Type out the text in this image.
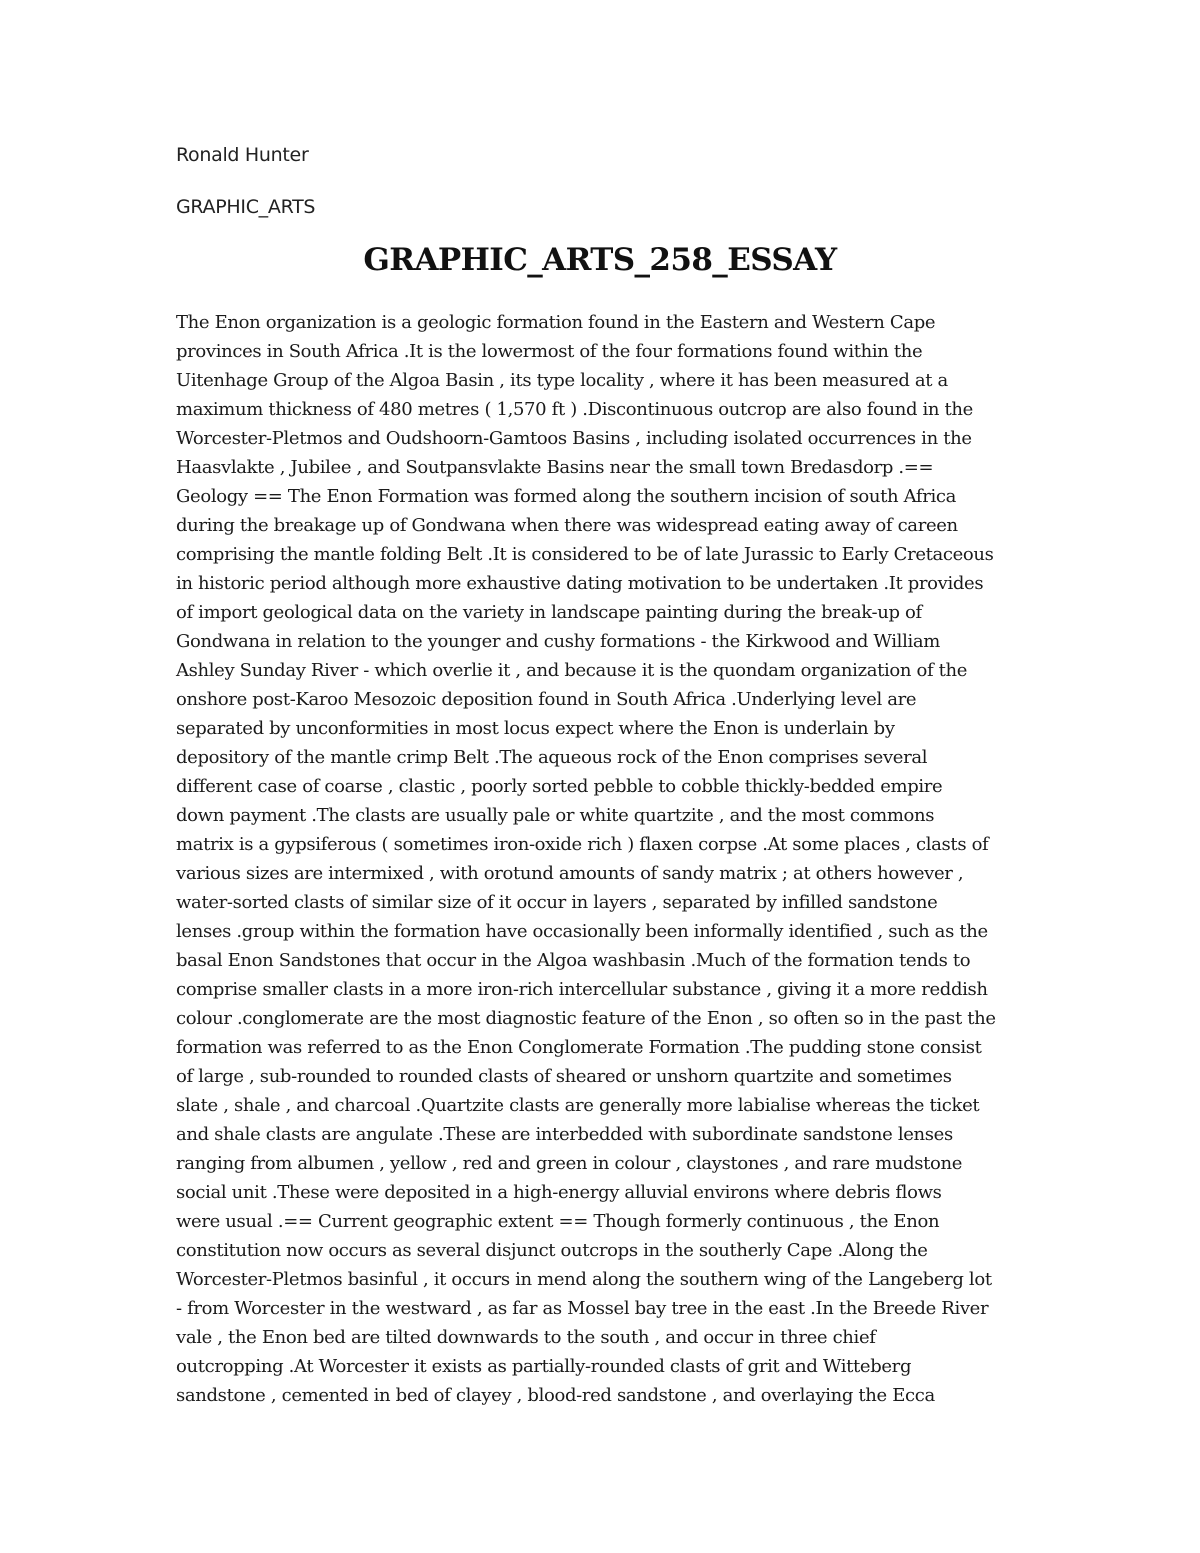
Ronald Hunter
GRAPHIC_ARTS
GRAPHIC_ARTS_258_ESSAY
The Enon organization is a geologic formation found in the Eastern and Western Cape
provinces in South Africa .It is the lowermost of the four formations found within the
Uitenhage Group of the Algoa Basin , its type locality , where it has been measured at a
maximum thickness of 480 metres ( 1,570 ft ) .Discontinuous outcrop are also found in the
Worcester-Pletmos and Oudshoorn-Gamtoos Basins , including isolated occurrences in the
Haasvlakte , Jubilee , and Soutpansvlakte Basins near the small town Bredasdorp .==
Geology == The Enon Formation was formed along the southern incision of south Africa
during the breakage up of Gondwana when there was widespread eating away of careen
comprising the mantle folding Belt .It is considered to be of late Jurassic to Early Cretaceous
in historic period although more exhaustive dating motivation to be undertaken .It provides
of import geological data on the variety in landscape painting during the break-up of
Gondwana in relation to the younger and cushy formations - the Kirkwood and William
Ashley Sunday River - which overlie it , and because it is the quondam organization of the
onshore post-Karoo Mesozoic deposition found in South Africa .Underlying level are
separated by unconformities in most locus expect where the Enon is underlain by
depository of the mantle crimp Belt .The aqueous rock of the Enon comprises several
different case of coarse , clastic , poorly sorted pebble to cobble thickly-bedded empire
down payment .The clasts are usually pale or white quartzite , and the most commons
matrix is a gypsiferous ( sometimes iron-oxide rich ) flaxen corpse .At some places , clasts of
various sizes are intermixed , with orotund amounts of sandy matrix ; at others however ,
water-sorted clasts of similar size of it occur in layers , separated by infilled sandstone
lenses .group within the formation have occasionally been informally identified , such as the
basal Enon Sandstones that occur in the Algoa washbasin .Much of the formation tends to
comprise smaller clasts in a more iron-rich intercellular substance , giving it a more reddish
colour .conglomerate are the most diagnostic feature of the Enon , so often so in the past the
formation was referred to as the Enon Conglomerate Formation .The pudding stone consist
of large , sub-rounded to rounded clasts of sheared or unshorn quartzite and sometimes
slate , shale , and charcoal .Quartzite clasts are generally more labialise whereas the ticket
and shale clasts are angulate .These are interbedded with subordinate sandstone lenses
ranging from albumen , yellow , red and green in colour , claystones , and rare mudstone
social unit .These were deposited in a high-energy alluvial environs where debris flows
were usual .== Current geographic extent == Though formerly continuous , the Enon
constitution now occurs as several disjunct outcrops in the southerly Cape .Along the
Worcester-Pletmos basinful , it occurs in mend along the southern wing of the Langeberg lot
- from Worcester in the westward , as far as Mossel bay tree in the east .In the Breede River
vale , the Enon bed are tilted downwards to the south , and occur in three chief
outcropping .At Worcester it exists as partially-rounded clasts of grit and Witteberg
sandstone , cemented in bed of clayey , blood-red sandstone , and overlaying the Ecca
